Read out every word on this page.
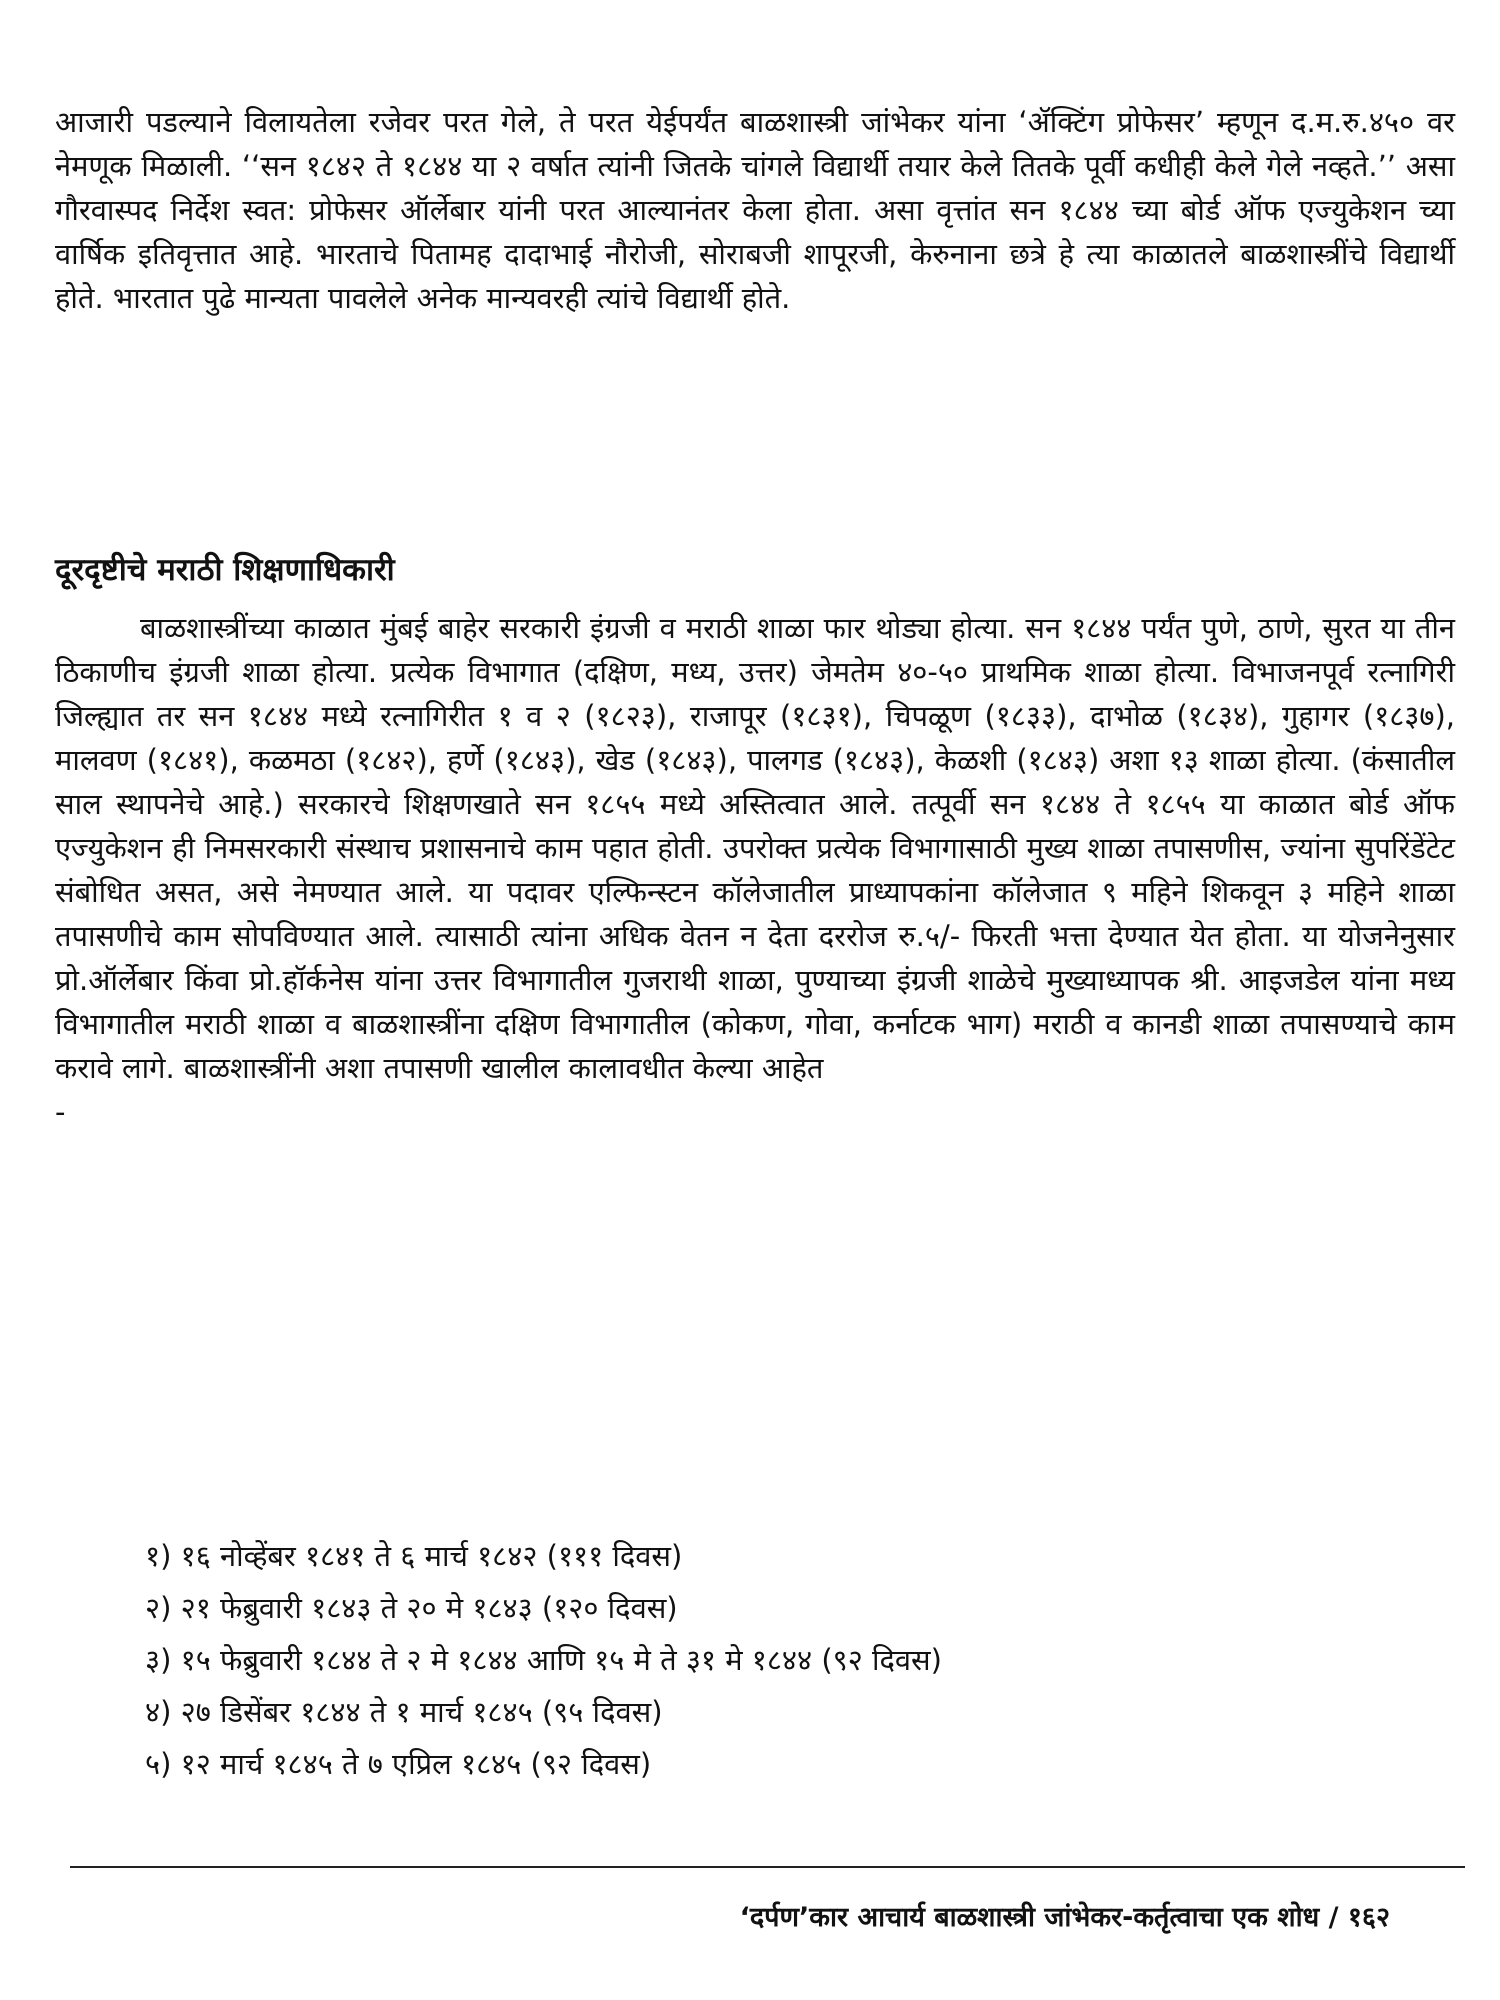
आजारी पडल्याने विलायतेला रजेवर परत गेले, ते परत येईपर्यंत बाळशास्त्री जांभेकर यांना ‘ॲक्टिंग प्रोफेसर’ म्हणून द.म.रु.४५० वर नेमणूक मिळाली. ‘‘सन १८४२ ते १८४४ या २ वर्षात त्यांनी जितके चांगले विद्यार्थी तयार केले तितके पूर्वी कधीही केले गेले नव्हते.’’ असा गौरवास्पद निर्देश स्वत: प्रोफेसर ऑर्लेबार यांनी परत आल्यानंतर केला होता. असा वृत्तांत सन १८४४ च्या बोर्ड ऑफ एज्युकेशन च्या वार्षिक इतिवृत्तात आहे. भारताचे पितामह दादाभाई नौरोजी, सोराबजी शापूरजी, केरुनाना छत्रे हे त्या काळातले बाळशास्त्रींचे विद्यार्थी होते. भारतात पुढे मान्यता पावलेले अनेक मान्यवरही त्यांचे विद्यार्थी होते.

दूरदृष्टीचे मराठी शिक्षणाधिकारी

बाळशास्त्रींच्या काळात मुंबई बाहेर सरकारी इंग्रजी व मराठी शाळा फार थोड्या होत्या. सन १८४४ पर्यंत पुणे, ठाणे, सुरत या तीन ठिकाणीच इंग्रजी शाळा होत्या. प्रत्येक विभागात (दक्षिण, मध्य, उत्तर) जेमतेम ४०-५० प्राथमिक शाळा होत्या. विभाजनपूर्व रत्नागिरी जिल्ह्यात तर सन १८४४ मध्ये रत्नागिरीत १ व २ (१८२३), राजापूर (१८३१), चिपळूण (१८३३), दाभोळ (१८३४), गुहागर (१८३७), मालवण (१८४१), कळमठा (१८४२), हर्णे (१८४३), खेड (१८४३), पालगड (१८४३), केळशी (१८४३) अशा १३ शाळा होत्या. (कंसातील साल स्थापनेचे आहे.) सरकारचे शिक्षणखाते सन १८५५ मध्ये अस्तित्वात आले. तत्पूर्वी सन १८४४ ते १८५५ या काळात बोर्ड ऑफ एज्युकेशन ही निमसरकारी संस्थाच प्रशासनाचे काम पहात होती. उपरोक्त प्रत्येक विभागासाठी मुख्य शाळा तपासणीस, ज्यांना सुपरिंडेंटेट संबोधित असत, असे नेमण्यात आले. या पदावर एल्फिन्स्टन कॉलेजातील प्राध्यापकांना कॉलेजात ९ महिने शिकवून ३ महिने शाळा तपासणीचे काम सोपविण्यात आले. त्यासाठी त्यांना अधिक वेतन न देता दररोज रु.५/- फिरती भत्ता देण्यात येत होता. या योजनेनुसार प्रो.ऑर्लेबार किंवा प्रो.हॉर्कनेस यांना उत्तर विभागातील गुजराथी शाळा, पुण्याच्या इंग्रजी शाळेचे मुख्याध्यापक श्री. आइजडेल यांना मध्य विभागातील मराठी शाळा व बाळशास्त्रींना दक्षिण विभागातील (कोकण, गोवा, कर्नाटक भाग) मराठी व कानडी शाळा तपासण्याचे काम करावे लागे. बाळशास्त्रींनी अशा तपासणी खालील कालावधीत केल्या आहेत

-

१) १६ नोव्हेंबर १८४१ ते ६ मार्च १८४२ (१११ दिवस)
२) २१ फेब्रुवारी १८४३ ते २० मे १८४३ (१२० दिवस)
३) १५ फेब्रुवारी १८४४ ते २ मे १८४४ आणि १५ मे ते ३१ मे १८४४ (९२ दिवस)
४) २७ डिसेंबर १८४४ ते १ मार्च १८४५ (९५ दिवस)
५) १२ मार्च १८४५ ते ७ एप्रिल १८४५ (९२ दिवस)
‘दर्पण’कार आचार्य बाळशास्त्री जांभेकर-कर्तृत्वाचा एक शोध / १६२
